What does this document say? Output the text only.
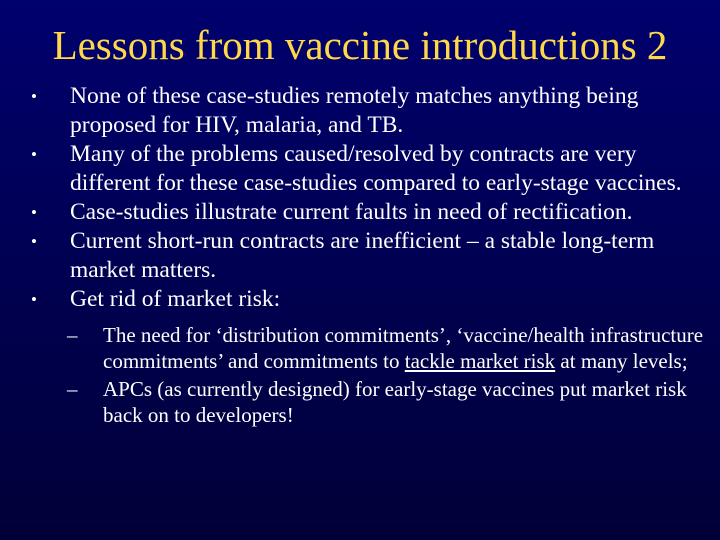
Lessons from vaccine introductions 2
• None of these case-studies remotely matches anything being proposed for HIV, malaria, and TB.
• Many of the problems caused/resolved by contracts are very different for these case-studies compared to early-stage vaccines.
• Case-studies illustrate current faults in need of rectification.
• Current short-run contracts are inefficient – a stable long-term market matters.
• Get rid of market risk:
– The need for ‘distribution commitments’, ‘vaccine/health infrastructure commitments’ and commitments to tackle market risk at many levels;
– APCs (as currently designed) for early-stage vaccines put market risk back on to developers!
